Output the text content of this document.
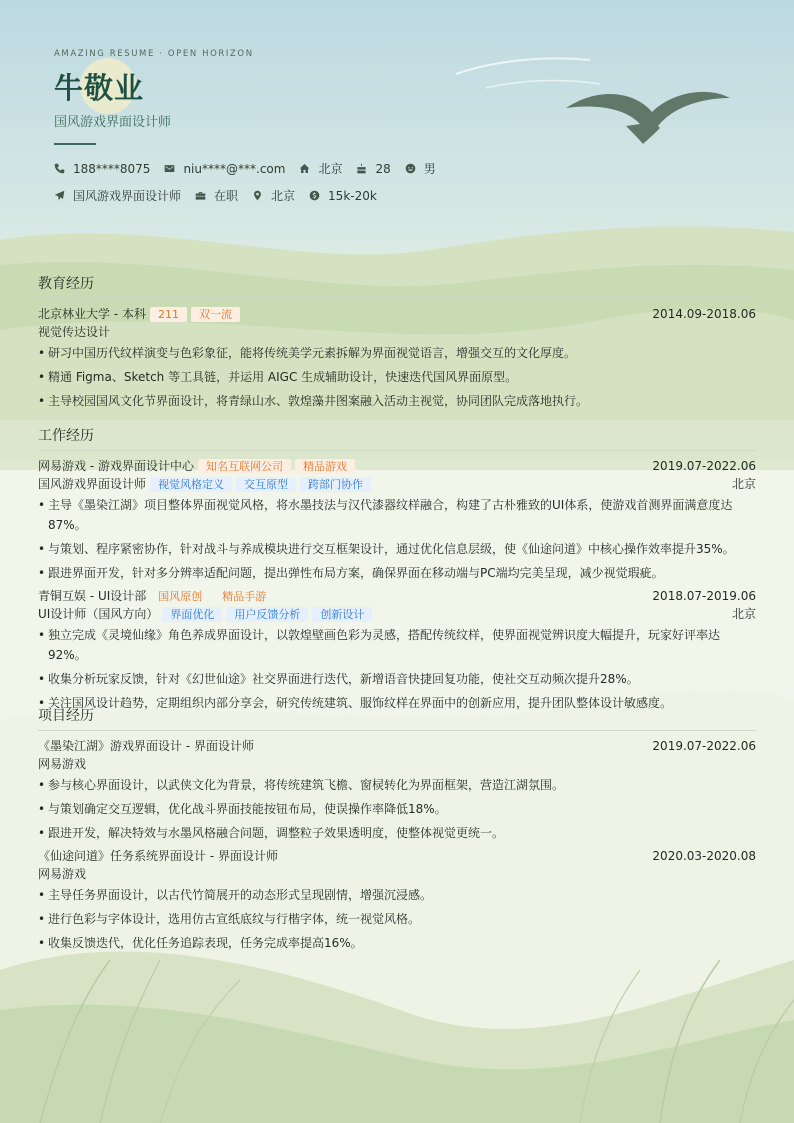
AMAZING RESUME · OPEN HORIZON
牛敬业
国风游戏界面设计师
188****8075	niu****@***.com	北京	28	男
国风游戏界面设计师	在职	北京	15k-20k
教育经历
北京林业大学 - 本科	211	双一流	2014.09-2018.06
视觉传达设计
• 研习中国历代纹样演变与色彩象征，能将传统美学元素拆解为界面视觉语言，增强交互的文化厚度。
• 精通 Figma、Sketch 等工具链，并运用 AIGC 生成辅助设计，快速迭代国风界面原型。
• 主导校园国风文化节界面设计，将青绿山水、敦煌藻井图案融入活动主视觉，协同团队完成落地执行。
工作经历
网易游戏 - 游戏界面设计中心	知名互联网公司	精品游戏	2019.07-2022.06
国风游戏界面设计师	视觉风格定义	交互原型	跨部门协作	北京
• 主导《墨染江湖》项目整体界面视觉风格，将水墨技法与汉代漆器纹样融合，构建了古朴雅致的UI体系，使游戏首测界面满意度达87%。
• 与策划、程序紧密协作，针对战斗与养成模块进行交互框架设计，通过优化信息层级，使《仙途问道》中核心操作效率提升35%。
• 跟进界面开发，针对多分辨率适配问题，提出弹性布局方案，确保界面在移动端与PC端均完美呈现，减少视觉瑕疵。
青铜互娱 - UI设计部	国风原创	精品手游	2018.07-2019.06
UI设计师（国风方向）	界面优化	用户反馈分析	创新设计	北京
• 独立完成《灵境仙缘》角色养成界面设计，以敦煌壁画色彩为灵感，搭配传统纹样，使界面视觉辨识度大幅提升，玩家好评率达92%。
• 收集分析玩家反馈，针对《幻世仙途》社交界面进行迭代，新增语音快捷回复功能，使社交互动频次提升28%。
• 关注国风设计趋势，定期组织内部分享会，研究传统建筑、服饰纹样在界面中的创新应用，提升团队整体设计敏感度。
项目经历
《墨染江湖》游戏界面设计 - 界面设计师	2019.07-2022.06
网易游戏
• 参与核心界面设计，以武侠文化为背景，将传统建筑飞檐、窗棂转化为界面框架，营造江湖氛围。
• 与策划确定交互逻辑，优化战斗界面技能按钮布局，使误操作率降低18%。
• 跟进开发，解决特效与水墨风格融合问题，调整粒子效果透明度，使整体视觉更统一。
《仙途问道》任务系统界面设计 - 界面设计师	2020.03-2020.08
网易游戏
• 主导任务界面设计，以古代竹简展开的动态形式呈现剧情，增强沉浸感。
• 进行色彩与字体设计，选用仿古宣纸底纹与行楷字体，统一视觉风格。
• 收集反馈迭代，优化任务追踪表现，任务完成率提高16%。
